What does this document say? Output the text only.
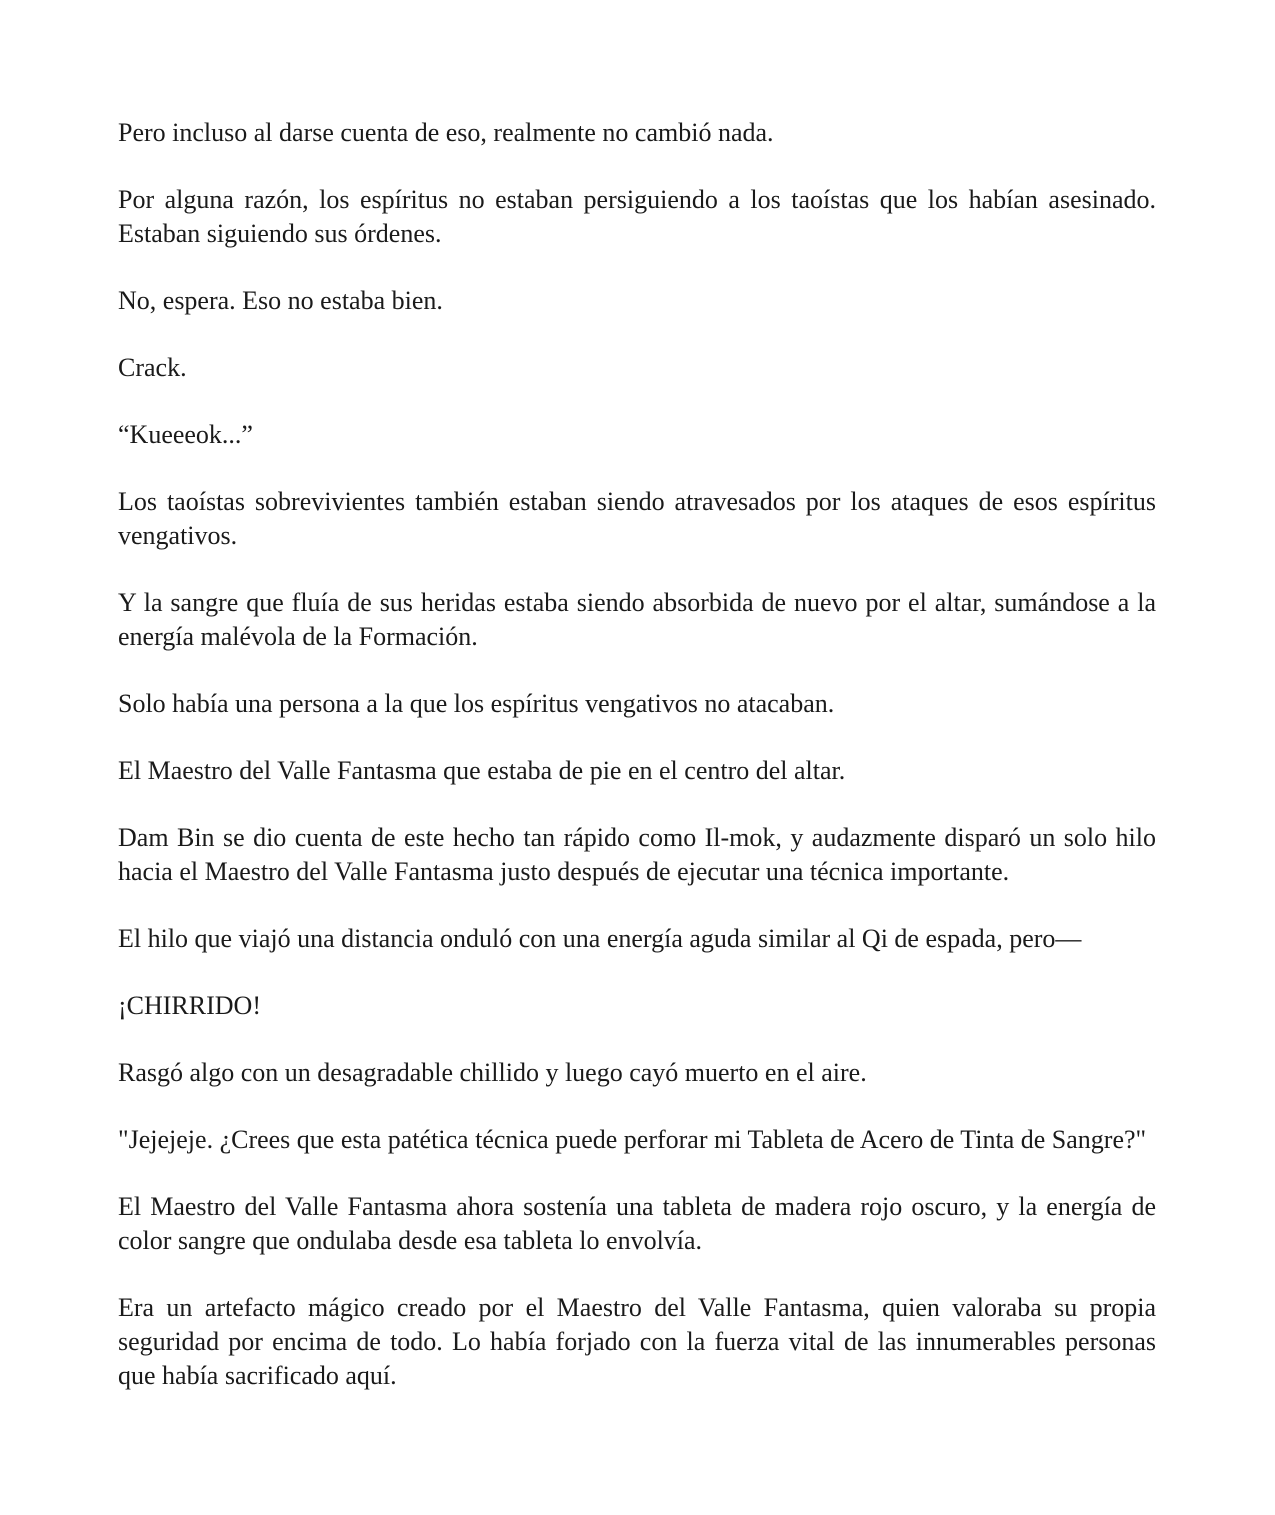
Pero incluso al darse cuenta de eso, realmente no cambió nada.

Por alguna razón, los espíritus no estaban persiguiendo a los taoístas que los habían asesinado. Estaban siguiendo sus órdenes.

No, espera. Eso no estaba bien.

Crack.

“Kueeeok...”

Los taoístas sobrevivientes también estaban siendo atravesados por los ataques de esos espíritus vengativos.

Y la sangre que fluía de sus heridas estaba siendo absorbida de nuevo por el altar, sumándose a la energía malévola de la Formación.

Solo había una persona a la que los espíritus vengativos no atacaban.

El Maestro del Valle Fantasma que estaba de pie en el centro del altar.

Dam Bin se dio cuenta de este hecho tan rápido como Il-mok, y audazmente disparó un solo hilo hacia el Maestro del Valle Fantasma justo después de ejecutar una técnica importante.

El hilo que viajó una distancia onduló con una energía aguda similar al Qi de espada, pero—

¡CHIRRIDO!

Rasgó algo con un desagradable chillido y luego cayó muerto en el aire.

"Jejejeje. ¿Crees que esta patética técnica puede perforar mi Tableta de Acero de Tinta de Sangre?"

El Maestro del Valle Fantasma ahora sostenía una tableta de madera rojo oscuro, y la energía de color sangre que ondulaba desde esa tableta lo envolvía.

Era un artefacto mágico creado por el Maestro del Valle Fantasma, quien valoraba su propia seguridad por encima de todo. Lo había forjado con la fuerza vital de las innumerables personas que había sacrificado aquí.
